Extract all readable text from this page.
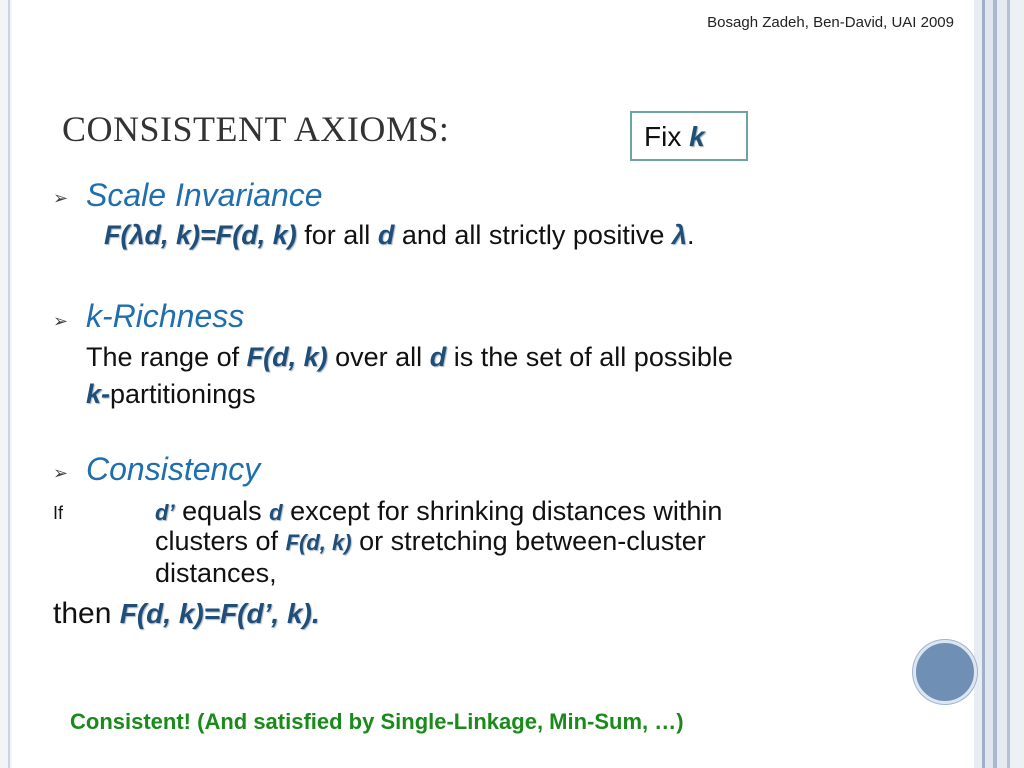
Bosagh Zadeh, Ben-David, UAI 2009
CONSISTENT AXIOMS:	Fix k
➢ Scale Invariance
F(λd, k)=F(d, k) for all d and all strictly positive λ.
➢ k-Richness
The range of F(d, k) over all d is the set of all possible
k-partitionings
➢ Consistency
If	d’ equals d except for shrinking distances within
clusters of F(d, k) or stretching between-cluster
distances,
then F(d, k)=F(d’, k).
Consistent! (And satisfied by Single-Linkage, Min-Sum, …)
